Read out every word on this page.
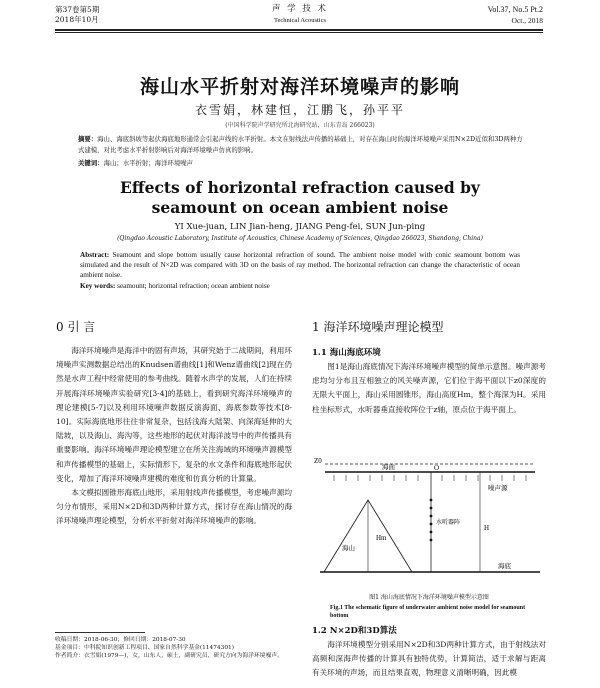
第37卷第5期
2018年10月
声 学 技 术
Technical Acoustics
Vol.37, No.5 Pt.2
Oct., 2018
海山水平折射对海洋环境噪声的影响
衣雪娟，林建恒，江鹏飞，孙平平
(中国科学院声学研究所北海研究站，山东青岛 266023)
摘要：海山、海底斜坡等起伏海底地形通常会引起声线的水平折射。本文在射线法声传播的基础上，对存在海山时的海洋环境噪声采用N×2D近似和3D两种方式建模，对比考虑水平折射影响后对海洋环境噪声仿真的影响。
关键词：海山；水平折射；海洋环境噪声
Effects of horizontal refraction caused by seamount on ocean ambient noise
YI Xue-juan, LIN Jian-heng, JIANG Peng-fei, SUN Jun-ping
(Qingdao Acoustic Laboratory, Institute of Acoustics, Chinese Academy of Sciences, Qingdao 266023, Shandong, China)
Abstract: Seamount and slope bottom usually cause horizontal refraction of sound. The ambient noise model with conic seamount bottom was simulated and the result of N×2D was compared with 3D on the basis of ray method. The horizontal refraction can change the characteristic of ocean ambient noise.
Key words: seamount; horizontal refraction; ocean ambient noise
0 引 言

海洋环境噪声是海洋中的固有声场，其研究始于二战期间，利用环境噪声实测数据总结出的Knudsen谱曲线[1]和Wenz谱曲线[2]现在仍然是水声工程中经常使用的参考曲线。随着水声学的发展，人们在持续开展海洋环境噪声实验研究[3-4]的基础上，看到研究海洋环境噪声的理论建模[5-7]以及利用环境噪声数据反演海面、海底参数等技术[8-10]。实际海底地形往往非常复杂，包括浅海大陆架、向深海延伸的大陆坡，以及海山、海沟等，这些地形的起伏对海洋波导中的声传播具有重要影响。海洋环境噪声理论模型建立在所关注海域的环境噪声源模型和声传播模型的基础上，实际情形下，复杂的水文条件和海底地形起伏变化，增加了海洋环境噪声建模的难度和仿真分析的计算量。

本文模拟圆锥形海底山地形，采用射线声传播模型，考虑噪声源均匀分布情形，采用N×2D和3D两种计算方式，探讨存在海山情况的海洋环境噪声理论模型，分析水平折射对海洋环境噪声的影响。

收稿日期：2018-06-30；修回日期：2018-07-30
基金项目：中科院知识创新工程项目、国家自然科学基金(11474301)
作者简介：衣雪娟(1979—)，女，山东人，硕士，副研究员，研究方向为海洋环境噪声。
1 海洋环境噪声理论模型
1.1 海山海底环境

图1是海山海底情况下海洋环境噪声模型的简单示意图。噪声源考虑均匀分布且互相独立的风关噪声源，它们位于海平面以下z0深度的无限大平面上，海山采用圆锥形，海山高度Hm，整个海深为H。采用柱坐标形式，水听器垂直接收阵位于z轴，原点位于海平面上。

Z0
海面
噪声源
O
水听器阵
海山
Hm
H
海底
图1 海山海底情况下海洋环境噪声模型示意图
Fig.1 The schematic figure of underwater ambient noise model for seamount bottom
1.2 N×2D和3D算法

海洋环境模型分别采用N×2D和3D两种计算方式，由于射线法对高频和深海声传播的计算具有独特优势，计算简洁，适于求解与距离有关环境的声场，而且结果直观，物理意义清晰明确，因此模
